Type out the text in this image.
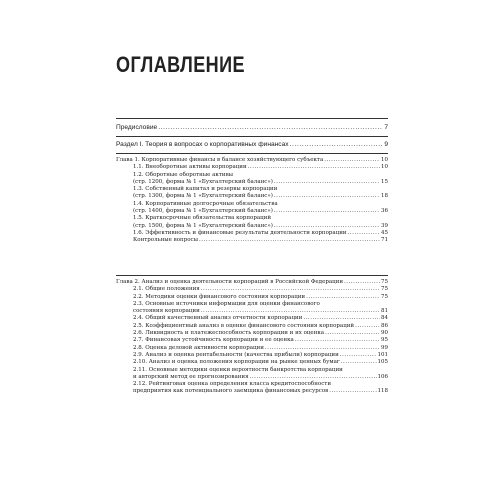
ОГЛАВЛЕНИЕ
Предисловие . . .	7
Раздел I. Теория в вопросах о корпоративных финансах . . .	9
Глава 1. Корпоративные финансы в балансе хозяйствующего субъекта . . .	10
1.1. Внеоборотные активы корпорации . . .	10
1.2. Оборотные оборотные активы
(стр. 1200, форма № 1 «Бухгалтерский баланс») . . .	15
1.3. Собственный капитал и резервы корпорации
(стр. 1300, форма № 1 «Бухгалтерский баланс») . . .	18
1.4. Корпоративные долгосрочные обязательства
(стр. 1400, форма № 1 «Бухгалтерский баланс») . . .	36
1.5. Краткосрочные обязательства корпораций
(стр. 1500, форма № 1 «Бухгалтерский баланс») . . .	39
1.6. Эффективность и финансовые результаты деятельности корпорации . . .	45
Контрольные вопросы . . .	71
Глава 2. Анализ и оценка деятельности корпораций в Российской Федерации . . .	75
2.1. Общие положения . . .	75
2.2. Методики оценки финансового состояния корпорации . . .	75
2.3. Основные источники информации для оценки финансового
состояния корпорации . . .	81
2.4. Общий качественный анализ отчетности корпорации . . .	84
2.5. Коэффициентный анализ в оценке финансового состояния корпораций . . .	86
2.6. Ликвидность и платежеспособность корпорации и их оценка . . .	90
2.7. Финансовая устойчивость корпорации и ее оценка . . .	95
2.8. Оценка деловой активности корпорации . . .	99
2.9. Анализ и оценка рентабельности (качества прибыли) корпорации . . .	101
2.10. Анализ и оценка положения корпорации на рынке ценных бумаг . . .	105
2.11. Основные методики оценки вероятности банкротства корпорации
и авторский метод ее прогнозирования . . .	106
2.12. Рейтинговая оценка определения класса кредитоспособности
предприятия как потенциального заемщика финансовых ресурсов . . .	118
